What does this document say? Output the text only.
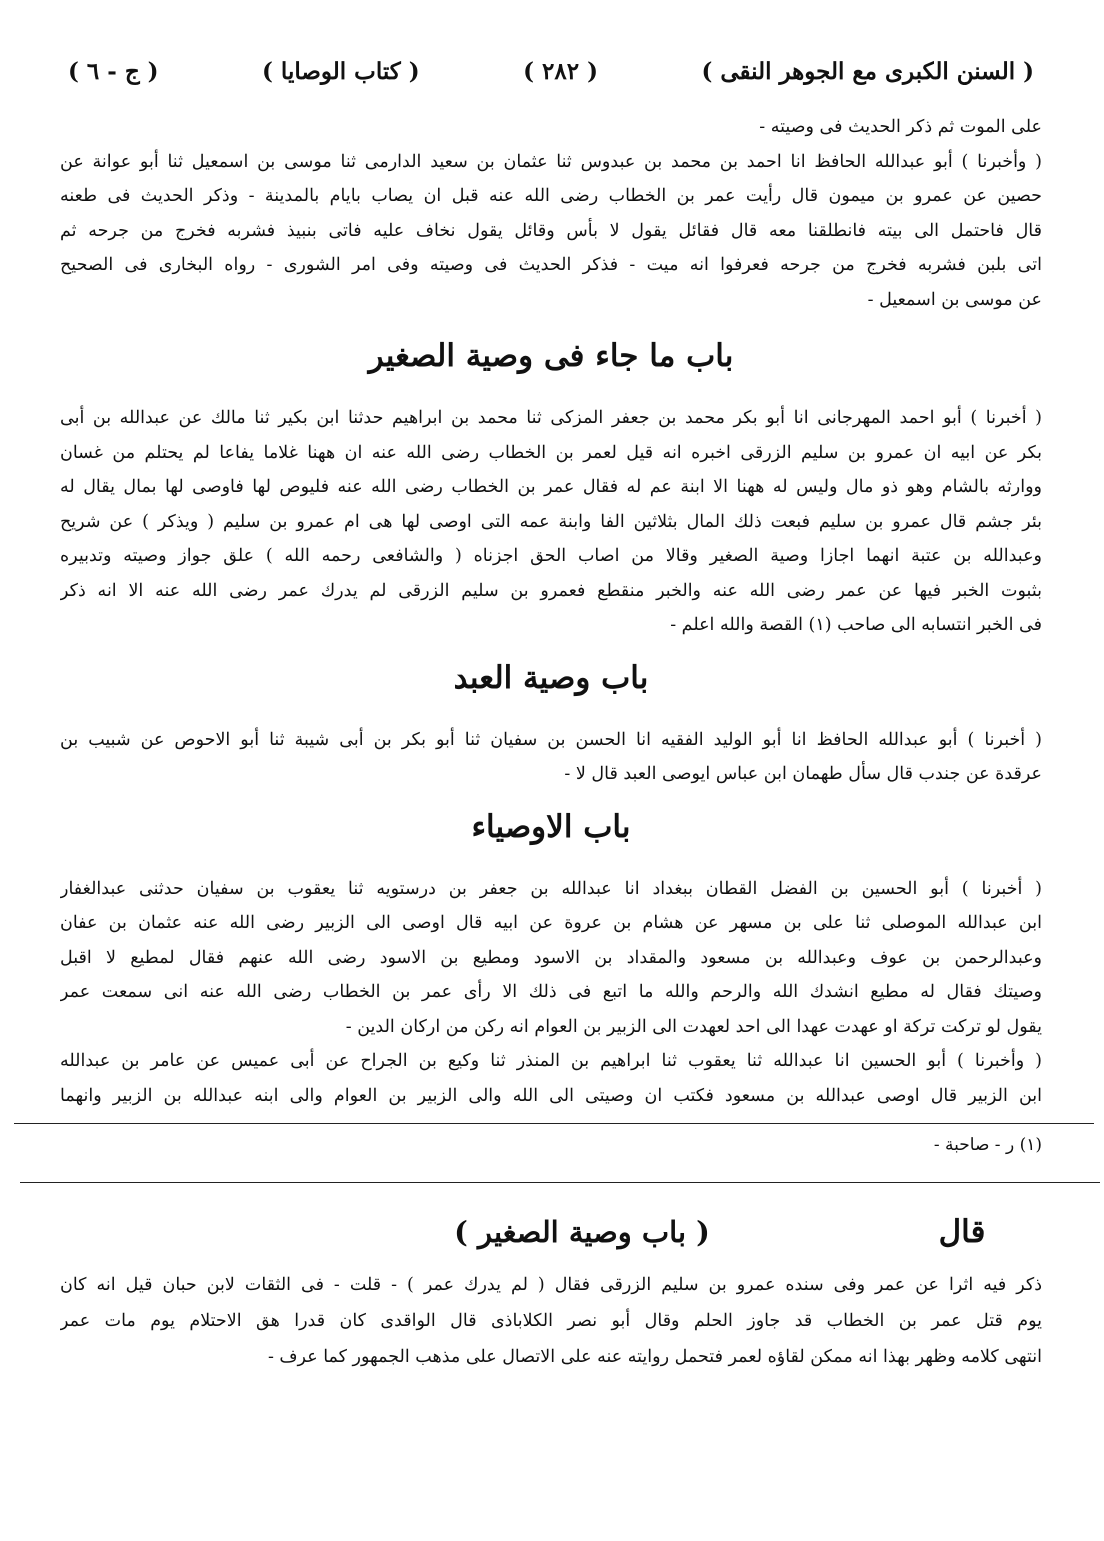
( السنن الكبرى مع الجوهر النقى )
( ٢٨٢ )
( كتاب الوصايا )
( ج - ٦ )
على الموت ثم ذكر الحديث فى وصيته -
( وأخبرنا ) أبو عبدالله الحافظ انا احمد بن محمد بن عبدوس ثنا عثمان بن سعيد الدارمى ثنا موسى بن اسمعيل ثنا أبو عوانة عن
حصين عن عمرو بن ميمون قال رأيت عمر بن الخطاب رضى الله عنه قبل ان يصاب بايام بالمدينة - وذكر الحديث فى طعنه
قال فاحتمل الى بيته فانطلقنا معه قال فقائل يقول لا بأس وقائل يقول نخاف عليه فاتى بنبيذ فشربه فخرج من جرحه ثم
اتى بلبن فشربه فخرج من جرحه فعرفوا انه ميت - فذكر الحديث فى وصيته وفى امر الشورى - رواه البخارى فى الصحيح
عن موسى بن اسمعيل -
باب ما جاء فى وصية الصغير
( أخبرنا ) أبو احمد المهرجانى انا أبو بكر محمد بن جعفر المزكى ثنا محمد بن ابراهيم حدثنا ابن بكير ثنا مالك عن عبدالله بن أبى
بكر عن ابيه ان عمرو بن سليم الزرقى اخبره انه قيل لعمر بن الخطاب رضى الله عنه ان ههنا غلاما يفاعا لم يحتلم من غسان
ووارثه بالشام وهو ذو مال وليس له ههنا الا ابنة عم له فقال عمر بن الخطاب رضى الله عنه فليوص لها فاوصى لها بمال يقال له
بئر جشم قال عمرو بن سليم فبعت ذلك المال بثلاثين الفا وابنة عمه التى اوصى لها هى ام عمرو بن سليم ( ويذكر ) عن شريح
وعبدالله بن عتبة انهما اجازا وصية الصغير وقالا من اصاب الحق اجزناه ( والشافعى رحمه الله ) علق جواز وصيته وتدبيره
بثبوت الخبر فيها عن عمر رضى الله عنه والخبر منقطع فعمرو بن سليم الزرقى لم يدرك عمر رضى الله عنه الا انه ذكر
فى الخبر انتسابه الى صاحب (١) القصة والله اعلم -
باب وصية العبد
( أخبرنا ) أبو عبدالله الحافظ انا أبو الوليد الفقيه انا الحسن بن سفيان ثنا أبو بكر بن أبى شيبة ثنا أبو الاحوص عن شبيب بن
عرقدة عن جندب قال سأل طهمان ابن عباس ايوصى العبد قال لا -
باب الاوصياء
( أخبرنا ) أبو الحسين بن الفضل القطان ببغداد انا عبدالله بن جعفر بن درستويه ثنا يعقوب بن سفيان حدثنى عبدالغفار
ابن عبدالله الموصلى ثنا على بن مسهر عن هشام بن عروة عن ابيه قال اوصى الى الزبير رضى الله عنه عثمان بن عفان
وعبدالرحمن بن عوف وعبدالله بن مسعود والمقداد بن الاسود ومطيع بن الاسود رضى الله عنهم فقال لمطيع لا اقبل
وصيتك فقال له مطيع انشدك الله والرحم والله ما اتبع فى ذلك الا رأى عمر بن الخطاب رضى الله عنه انى سمعت عمر
يقول لو تركت تركة او عهدت عهدا الى احد لعهدت الى الزبير بن العوام انه ركن من اركان الدين -
( وأخبرنا ) أبو الحسين انا عبدالله ثنا يعقوب ثنا ابراهيم بن المنذر ثنا وكيع بن الجراح عن أبى عميس عن عامر بن عبدالله
ابن الزبير قال اوصى عبدالله بن مسعود فكتب ان وصيتى الى الله والى الزبير بن العوام والى ابنه عبدالله بن الزبير وانهما
(١) ر - صاحبة -
قال
( باب وصية الصغير )
ذكر فيه اثرا عن عمر وفى سنده عمرو بن سليم الزرقى فقال ( لم يدرك عمر ) - قلت - فى الثقات لابن حبان قيل انه كان
يوم قتل عمر بن الخطاب قد جاوز الحلم وقال أبو نصر الكلاباذى قال الواقدى كان قدرا هق الاحتلام يوم مات عمر
انتهى كلامه وظهر بهذا انه ممكن لقاؤه لعمر فتحمل روايته عنه على الاتصال على مذهب الجمهور كما عرف -
